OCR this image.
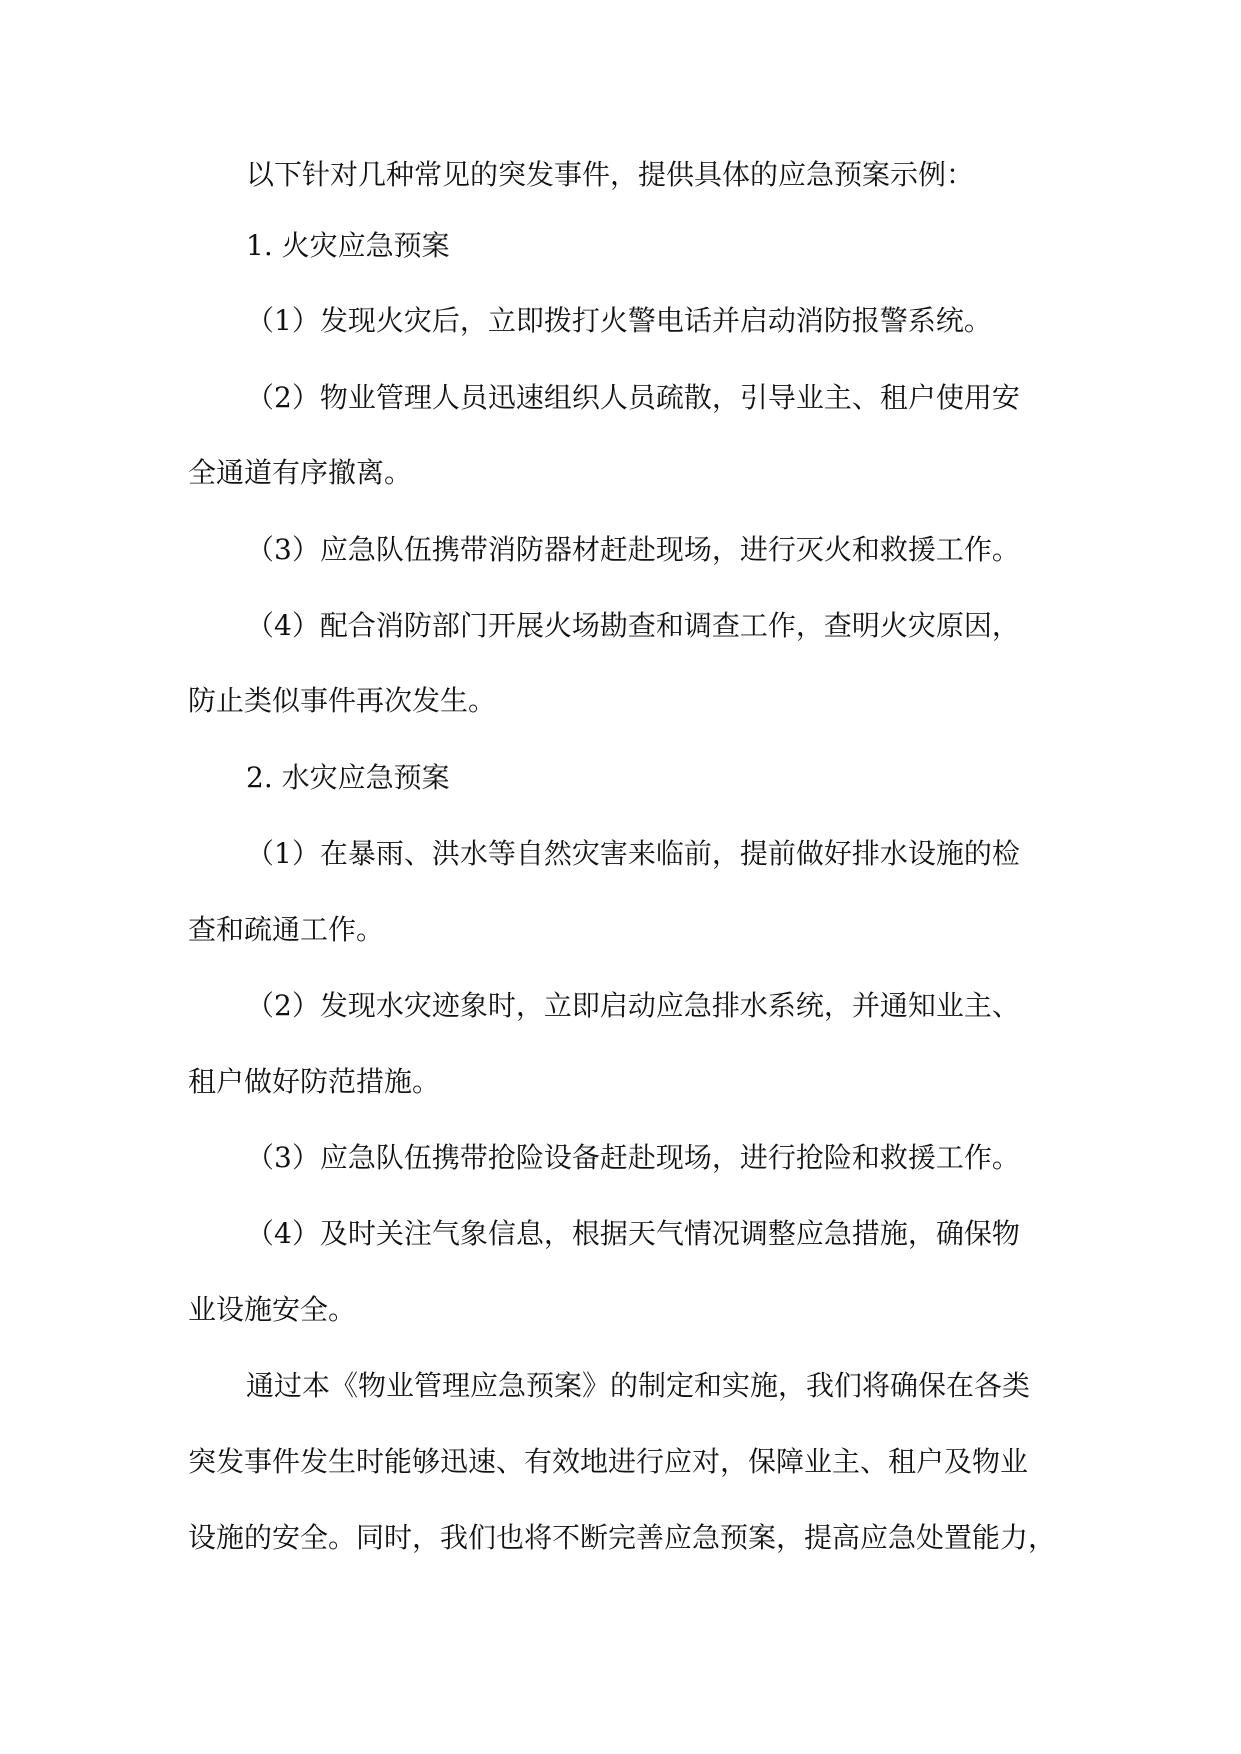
以下针对几种常见的突发事件，提供具体的应急预案示例：
1. 火灾应急预案
（1）发现火灾后，立即拨打火警电话并启动消防报警系统。
（2）物业管理人员迅速组织人员疏散，引导业主、租户使用安
全通道有序撤离。
（3）应急队伍携带消防器材赶赴现场，进行灭火和救援工作。
（4）配合消防部门开展火场勘查和调查工作，查明火灾原因，
防止类似事件再次发生。
2. 水灾应急预案
（1）在暴雨、洪水等自然灾害来临前，提前做好排水设施的检
查和疏通工作。
（2）发现水灾迹象时，立即启动应急排水系统，并通知业主、
租户做好防范措施。
（3）应急队伍携带抢险设备赶赴现场，进行抢险和救援工作。
（4）及时关注气象信息，根据天气情况调整应急措施，确保物
业设施安全。
通过本《物业管理应急预案》的制定和实施，我们将确保在各类
突发事件发生时能够迅速、有效地进行应对，保障业主、租户及物业
设施的安全。同时，我们也将不断完善应急预案，提高应急处置能力，
